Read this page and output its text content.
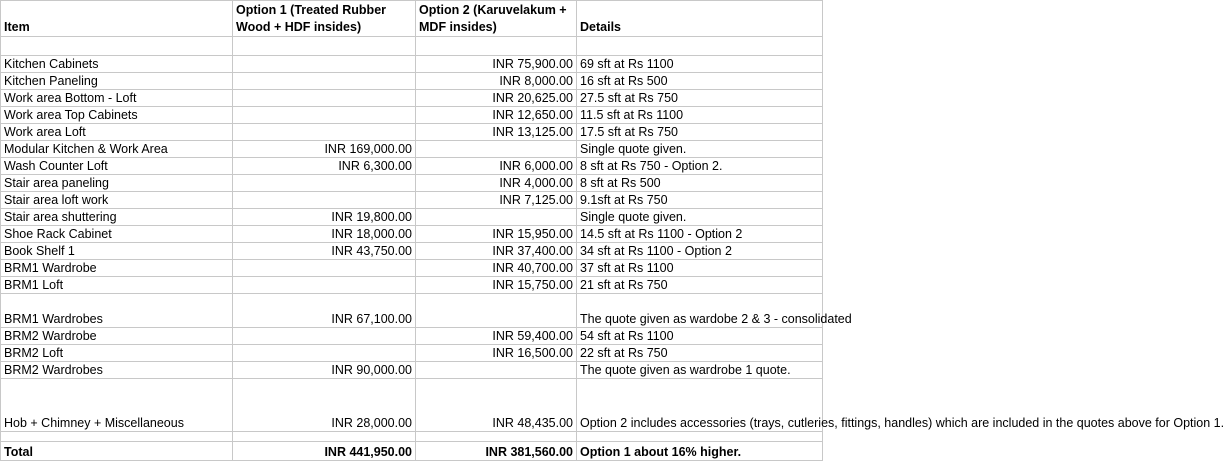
Item	Option 1 (Treated Rubber Wood + HDF insides)	Option 2 (Karuvelakum + MDF insides)	Details

Kitchen Cabinets		INR 75,900.00	69 sft at Rs 1100
Kitchen Paneling		INR 8,000.00	16 sft at Rs 500
Work area Bottom - Loft		INR 20,625.00	27.5 sft at Rs 750
Work area Top Cabinets		INR 12,650.00	11.5 sft at Rs 1100
Work area Loft		INR 13,125.00	17.5 sft at Rs 750
Modular Kitchen & Work Area	INR 169,000.00		Single quote given.
Wash Counter Loft	INR 6,300.00	INR 6,000.00	8 sft at Rs 750 - Option 2.
Stair area paneling		INR 4,000.00	8 sft at Rs 500
Stair area loft work		INR 7,125.00	9.1sft at Rs 750
Stair area shuttering	INR 19,800.00		Single quote given.
Shoe Rack Cabinet	INR 18,000.00	INR 15,950.00	14.5 sft at Rs 1100 - Option 2
Book Shelf 1	INR 43,750.00	INR 37,400.00	34 sft at Rs 1100 - Option 2
BRM1 Wardrobe		INR 40,700.00	37 sft at Rs 1100
BRM1 Loft		INR 15,750.00	21 sft at Rs 750
BRM1 Wardrobes	INR 67,100.00		The quote given as wardobe 2 & 3 - consolidated
BRM2 Wardrobe		INR 59,400.00	54 sft at Rs 1100
BRM2 Loft		INR 16,500.00	22 sft at Rs 750
BRM2 Wardrobes	INR 90,000.00		The quote given as wardrobe 1 quote.
Hob + Chimney + Miscellaneous	INR 28,000.00	INR 48,435.00	Option 2 includes accessories (trays, cutleries, fittings, handles) which are included in the quotes above for Option 1.

Total	INR 441,950.00	INR 381,560.00	Option 1 about 16% higher.
